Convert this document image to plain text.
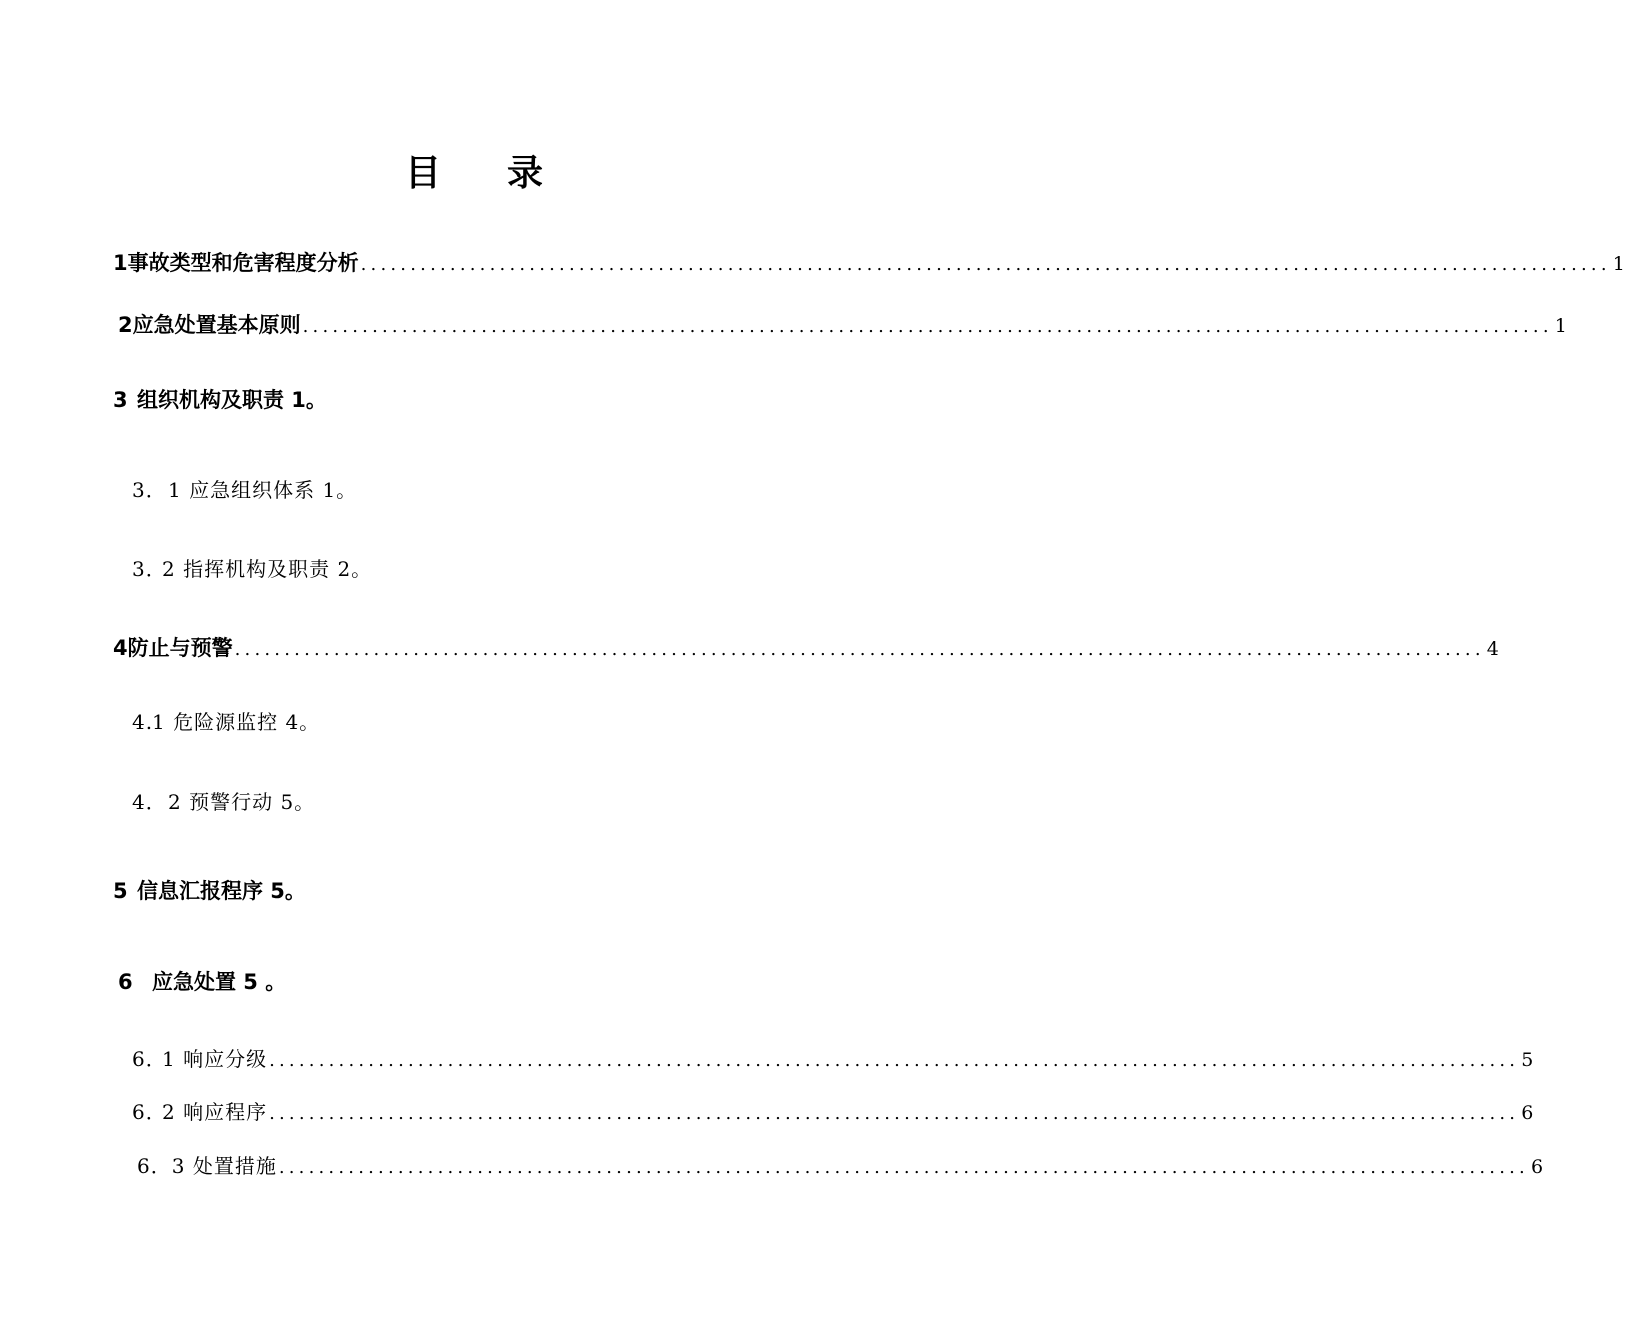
目 录
1 事故类型和危害程度分析 .............................................................................................................................. 1
2 应急处置基本原则 .............................................................................................................................. 1
3 组织机构及职责 1。
3． 1 应急组织体系 1。
3．
2 指挥机构及职责 2。
4 防止与预警 .............................................................................................................................. 4
4.
1 危险源监控 4。
4． 2 预警行动 5。
5 信息汇报程序 5。
6 应急处置 5 。
6．
1 响应分级 .............................................................................................................................. 5
6．
2 响应程序 .............................................................................................................................. 6
6． 3 处置措施 .............................................................................................................................. 6
